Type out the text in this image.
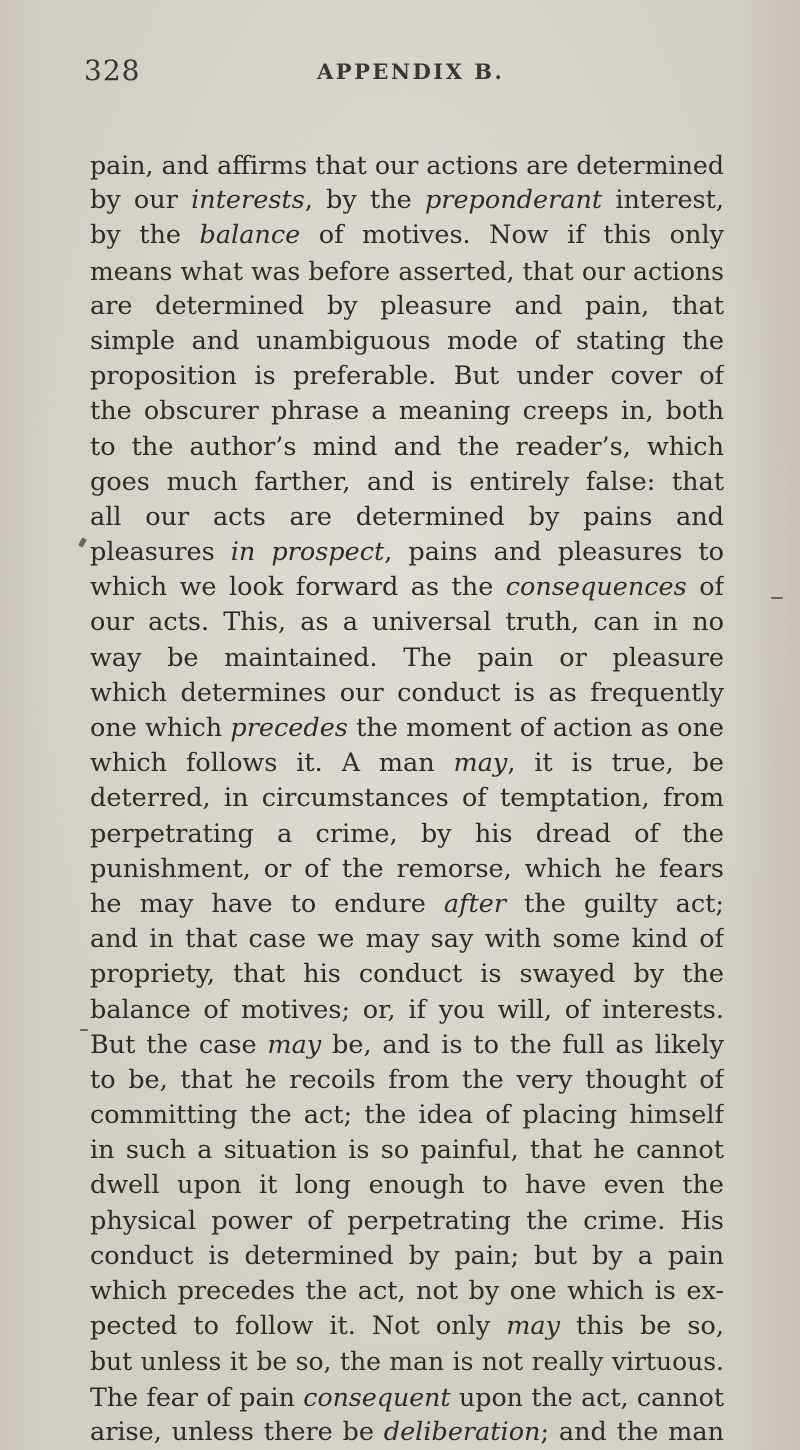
328	APPENDIX B.
pain, and affirms that our actions are determined
by our interests, by the preponderant interest,
by the balance of motives. Now if this only
means what was before asserted, that our actions
are determined by pleasure and pain, that
simple and unambiguous mode of stating the
proposition is preferable. But under cover of
the obscurer phrase a meaning creeps in, both
to the author’s mind and the reader’s, which
goes much farther, and is entirely false: that
all our acts are determined by pains and
pleasures in prospect, pains and pleasures to
which we look forward as the consequences of
our acts. This, as a universal truth, can in no
way be maintained. The pain or pleasure
which determines our conduct is as frequently
one which precedes the moment of action as one
which follows it. A man may, it is true, be
deterred, in circumstances of temptation, from
perpetrating a crime, by his dread of the
punishment, or of the remorse, which he fears
he may have to endure after the guilty act;
and in that case we may say with some kind of
propriety, that his conduct is swayed by the
balance of motives; or, if you will, of interests.
But the case may be, and is to the full as likely
to be, that he recoils from the very thought of
committing the act; the idea of placing himself
in such a situation is so painful, that he cannot
dwell upon it long enough to have even the
physical power of perpetrating the crime. His
conduct is determined by pain; but by a pain
which precedes the act, not by one which is ex-
pected to follow it. Not only may this be so,
but unless it be so, the man is not really virtuous.
The fear of pain consequent upon the act, cannot
arise, unless there be deliberation; and the man
